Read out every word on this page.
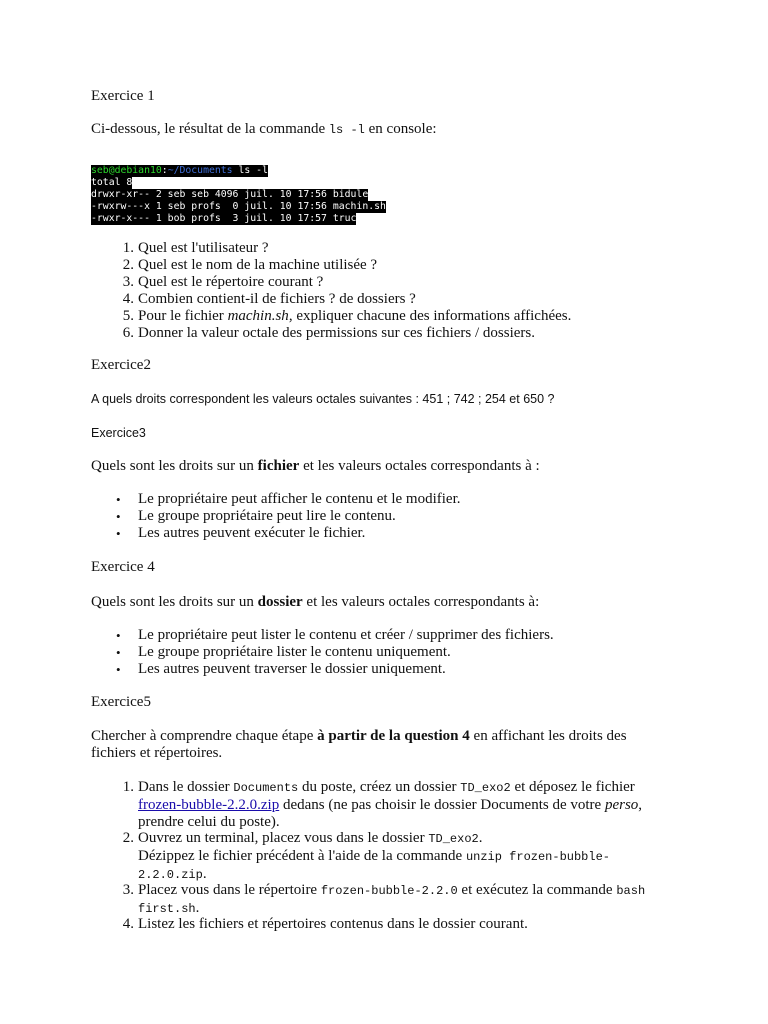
Exercice 1
Ci-dessous, le résultat de la commande ls -l en console:
seb@debian10:~/Documents ls -l
total 8
drwxr-xr-- 2 seb seb 4096 juil. 10 17:56 bidule
-rwxrw---x 1 seb profs  0 juil. 10 17:56 machin.sh
-rwxr-x--- 1 bob profs  3 juil. 10 17:57 truc
1. Quel est l'utilisateur ?
2. Quel est le nom de la machine utilisée ?
3. Quel est le répertoire courant ?
4. Combien contient-il de fichiers ? de dossiers ?
5. Pour le fichier machin.sh, expliquer chacune des informations affichées.
6. Donner la valeur octale des permissions sur ces fichiers / dossiers.
Exercice2
A quels droits correspondent les valeurs octales suivantes : 451 ; 742 ; 254 et 650 ?
Exercice3
Quels sont les droits sur un fichier et les valeurs octales correspondants à :
• Le propriétaire peut afficher le contenu et le modifier.
• Le groupe propriétaire peut lire le contenu.
• Les autres peuvent exécuter le fichier.
Exercice 4
Quels sont les droits sur un dossier et les valeurs octales correspondants à:
• Le propriétaire peut lister le contenu et créer / supprimer des fichiers.
• Le groupe propriétaire lister le contenu uniquement.
• Les autres peuvent traverser le dossier uniquement.
Exercice5
Chercher à comprendre chaque étape à partir de la question 4 en affichant les droits des
fichiers et répertoires.
1. Dans le dossier Documents du poste, créez un dossier TD_exo2 et déposez le fichier
frozen-bubble-2.2.0.zip dedans (ne pas choisir le dossier Documents de votre perso,
prendre celui du poste).
2. Ouvrez un terminal, placez vous dans le dossier TD_exo2.
Dézippez le fichier précédent à l'aide de la commande unzip frozen-bubble-
2.2.0.zip.
3. Placez vous dans le répertoire frozen-bubble-2.2.0 et exécutez la commande bash
first.sh.
4. Listez les fichiers et répertoires contenus dans le dossier courant.
